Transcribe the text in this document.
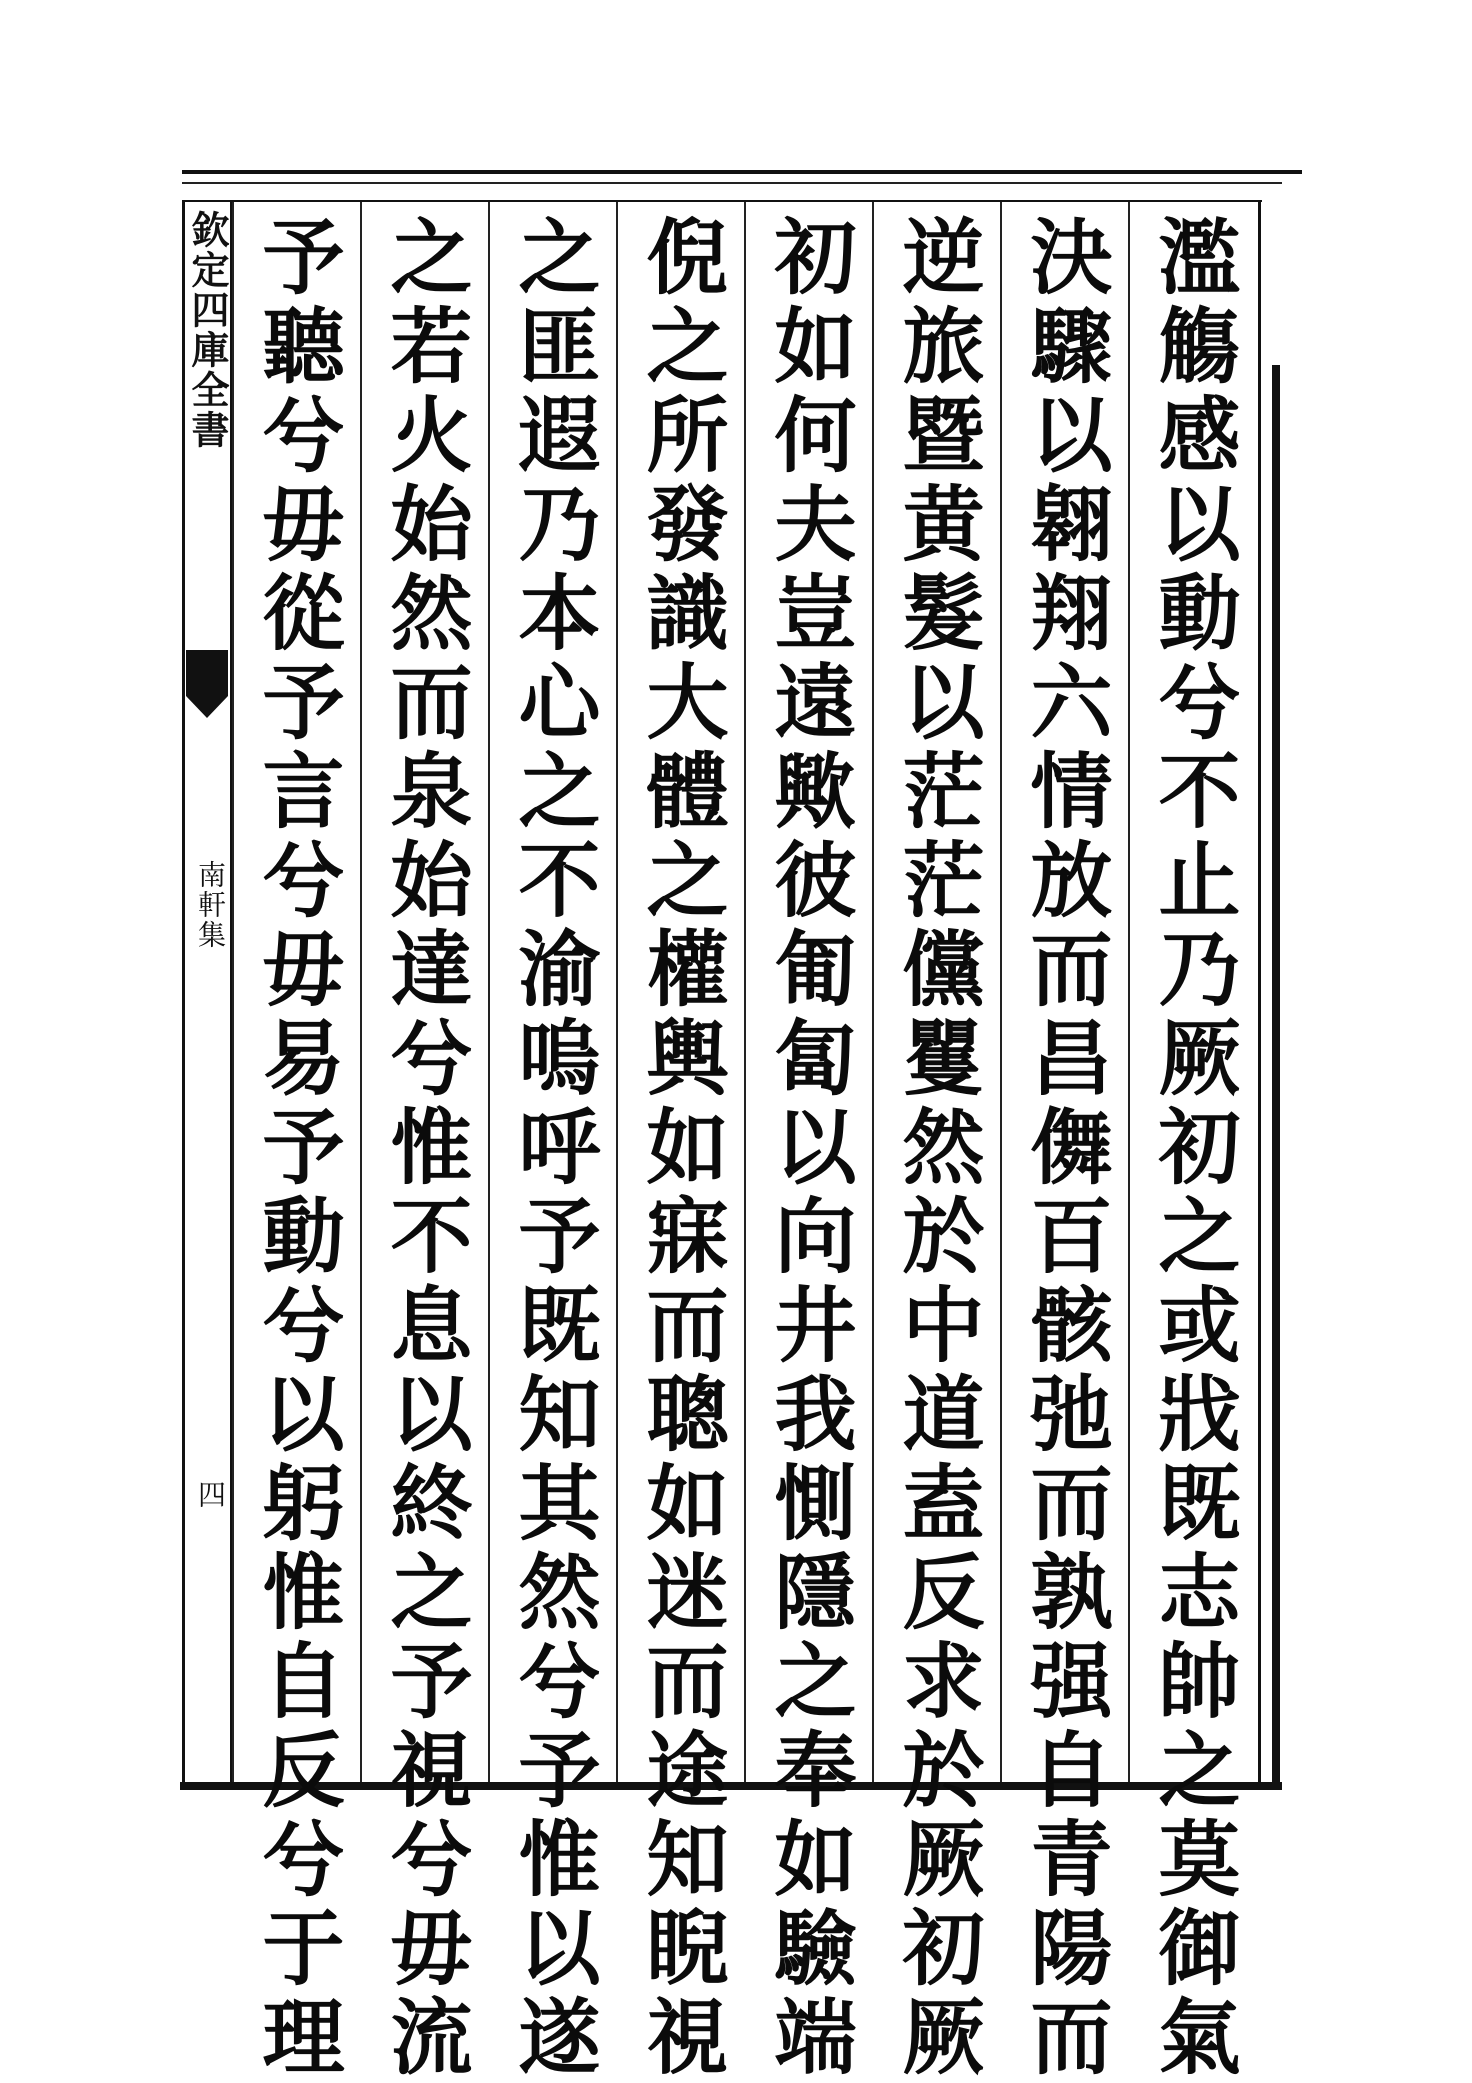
欽定四庫全書
南軒集
四 予聽兮毋從予言兮毋易予動兮以躬惟自反兮于理 之若火始然而泉始達兮惟不息以終之予視兮毋流 之匪遐乃本心之不渝嗚呼予既知其然兮予惟以遂 倪之所發識大體之權輿如寐而聰如迷而途知睨視 初如何夫豈遠歟彼匍匐以向井我惻隱之奉如驗端 逆旅暨黄髮以茫茫儻矍然於中道盍反求於厥初厥 決驟以翱翔六情放而昌儛百骸弛而孰强自青陽而 濫觴感以動兮不止乃厥初之或戕既志帥之莫御氣
